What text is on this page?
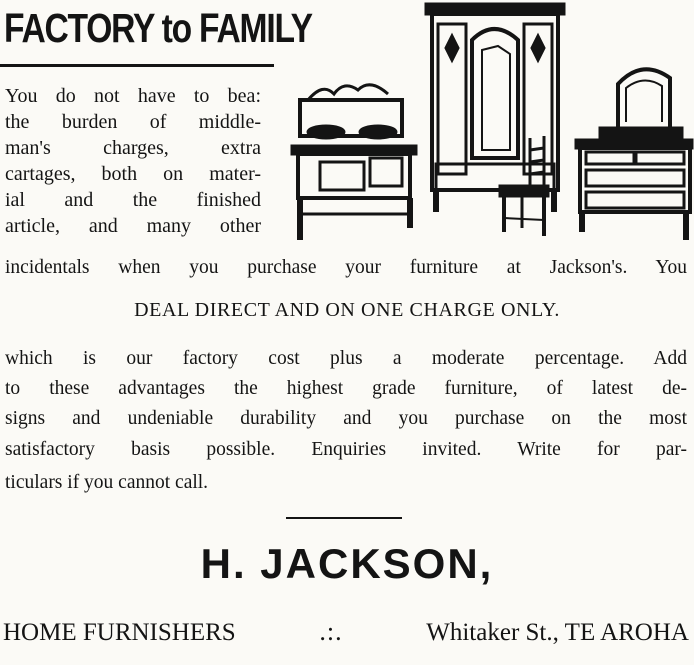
FACTORY to FAMILY
You do not have to bea:
the burden of middle-
man's charges, extra
cartages, both on mater-
ial and the finished
article, and many other
incidentals when you purchase your furniture at Jackson's. You
DEAL DIRECT AND ON ONE CHARGE ONLY.
which is our factory cost plus a moderate percentage. Add
to these advantages the highest grade furniture, of latest de-
signs and undeniable durability and you purchase on the most
satisfactory basis possible. Enquiries invited. Write for par-
ticulars if you cannot call.
H. JACKSON,
HOME FURNISHERS	.:.	Whitaker St., TE AROHA
